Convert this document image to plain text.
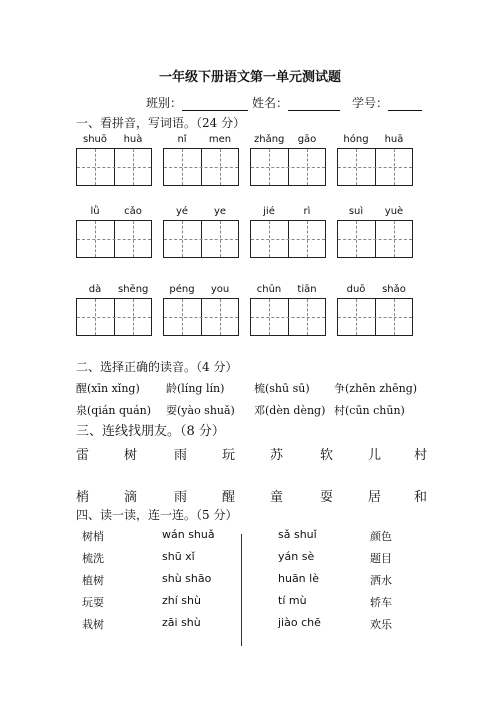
一年级下册语文第一单元测试题
班别：	姓名：	学号：
一、看拼音，写词语。（24 分）
shuō	huà	nǐ	men	zhǎng	gāo	hóng	huā
lǜ	cǎo	yé	ye	jié	rì	suì	yuè
dà	shēng péng	you	chūn	tiān	duō	shǎo
二、选择正确的读音。（4 分）
醒(xīn xǐng) 龄(líng lín)	梳(shū sū) 争(zhēn zhēng)
泉(qián quán) 耍(yào shuǎ) 邓(dèn dèng) 村(cūn chūn)
三、连线找朋友。（8 分）
雷	树	雨	玩	苏	软	儿	村
梢	滴	雨	醒	童	耍	居	和
四、读一读，连一连。（5 分）
树梢
梳洗
植树
玩耍
栽树
wán shuǎ
shū xǐ
shù shāo
zhí shù
zāi shù
sǎ shuǐ
yán sè
huān lè
tí mù
jiào chē
颜色
题目
洒水
轿车
欢乐
